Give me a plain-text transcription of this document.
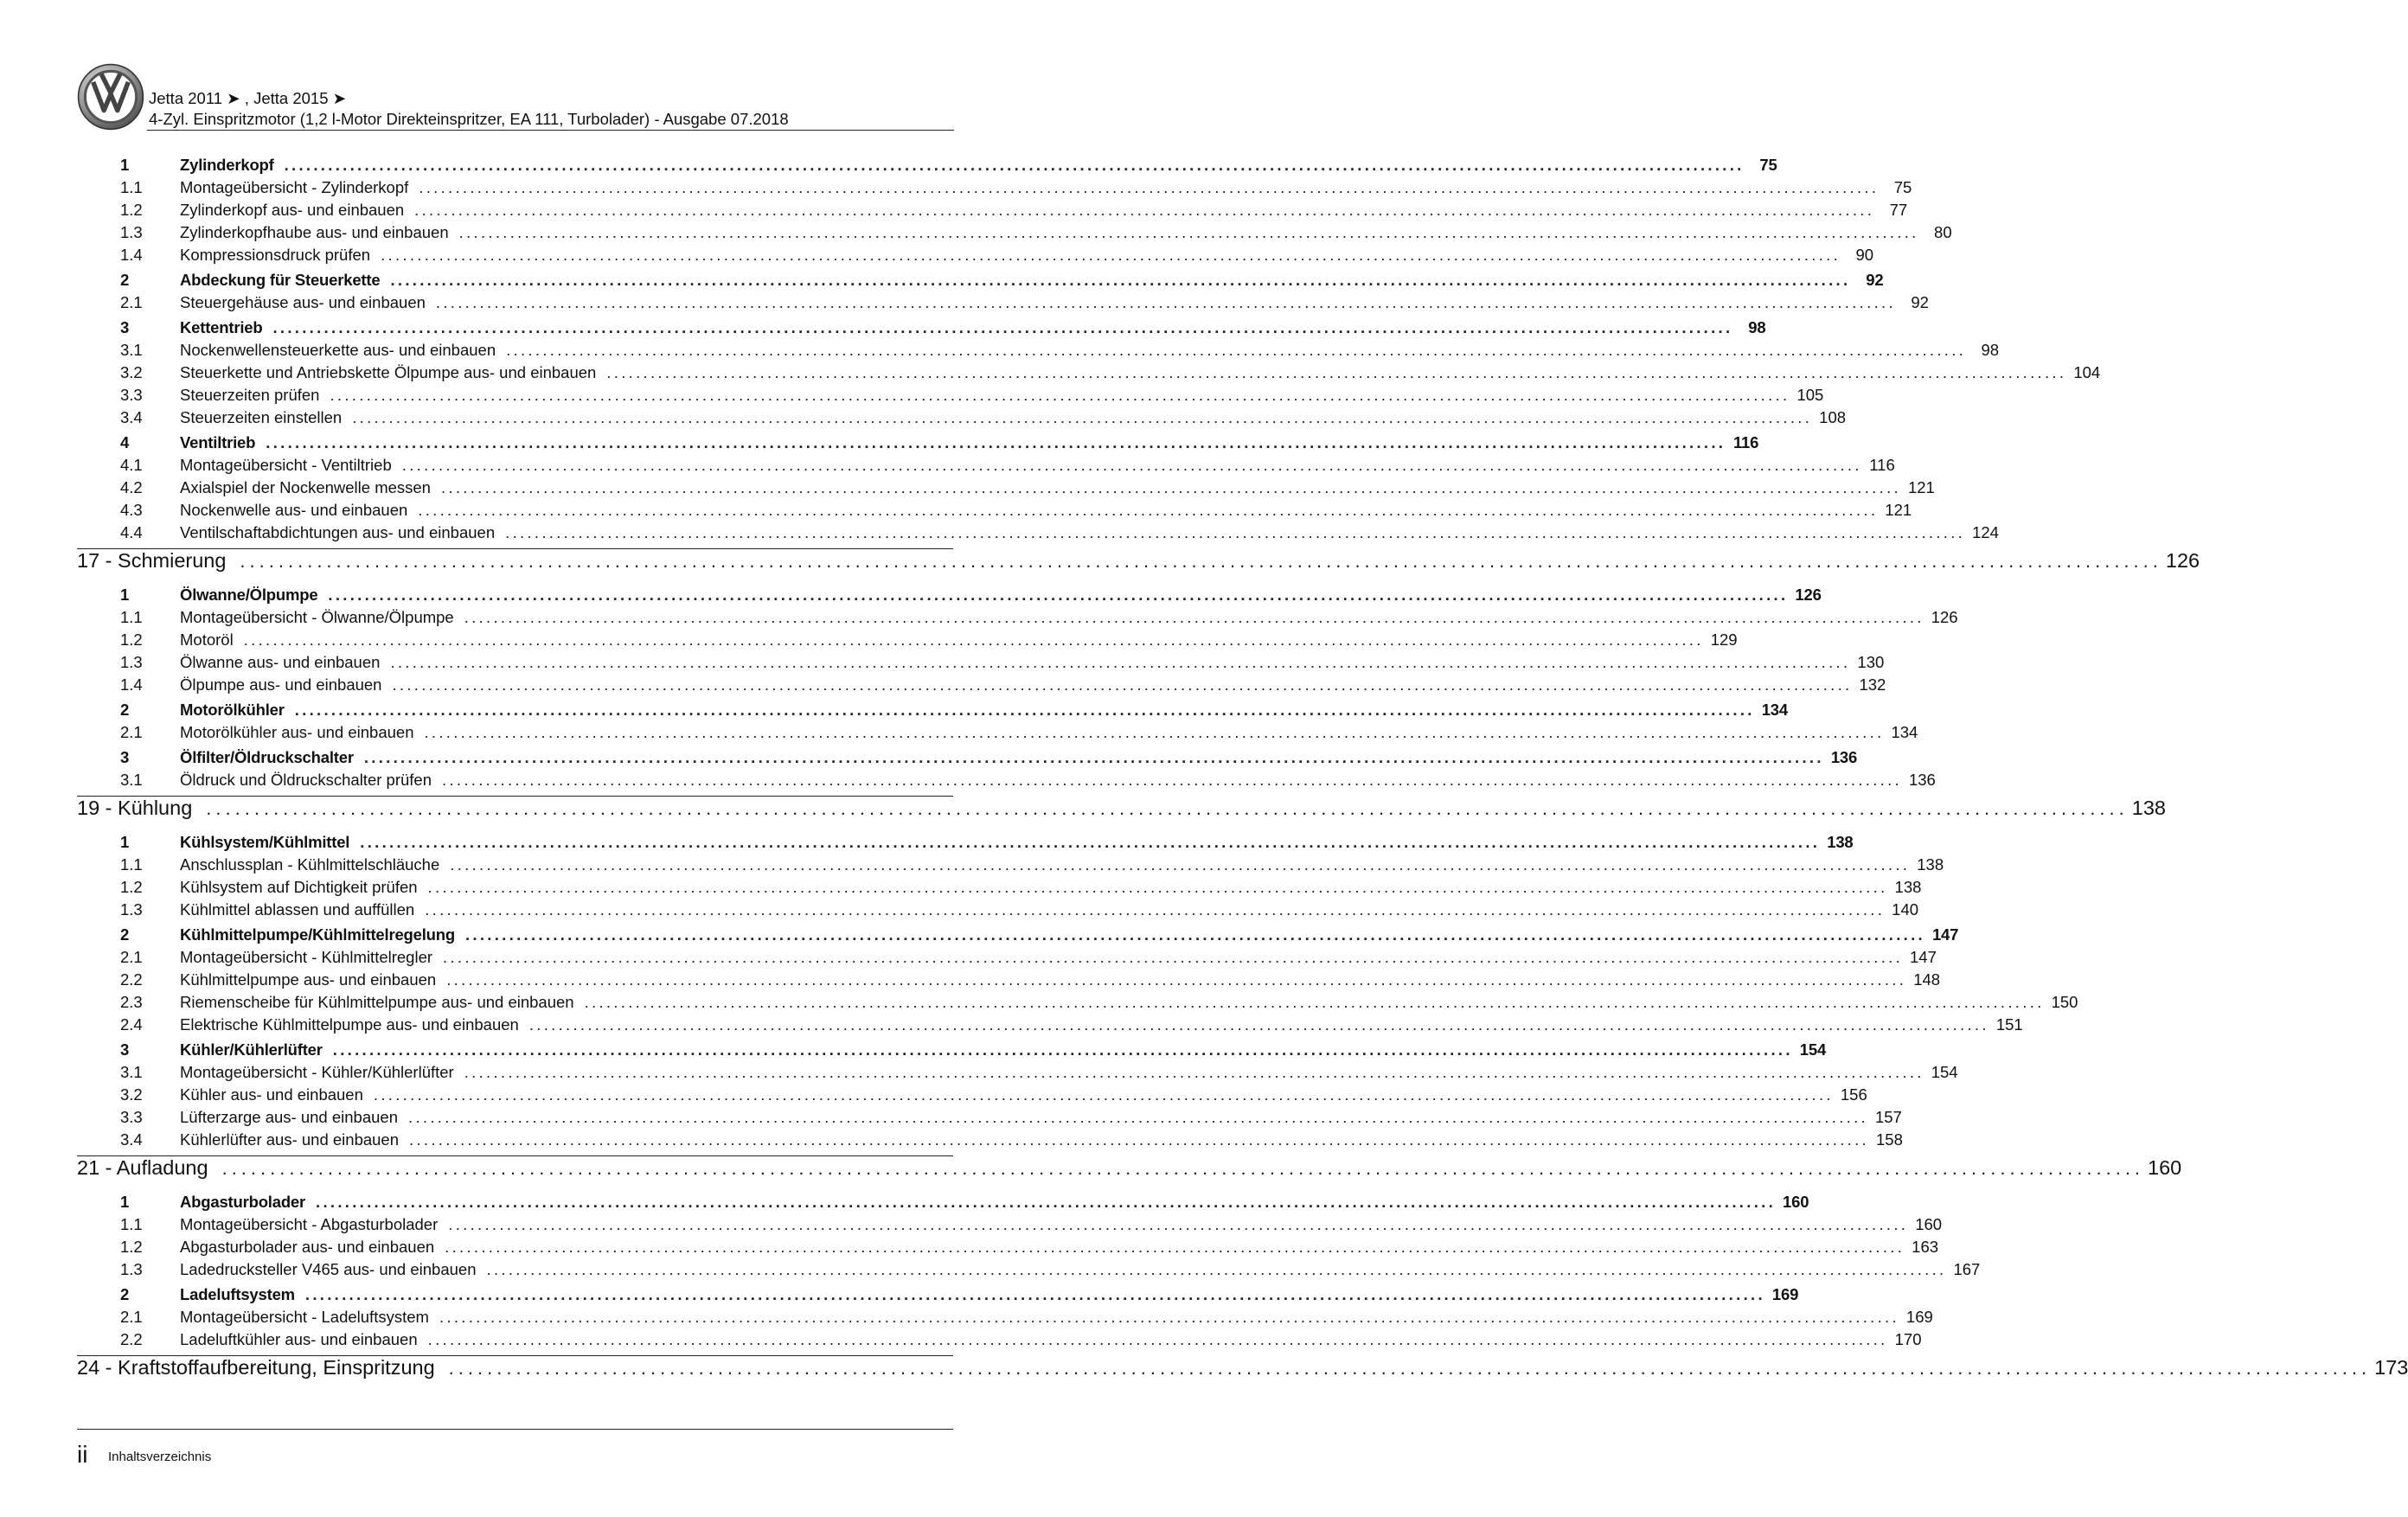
Jetta 2011 ➤ , Jetta 2015 ➤
4-Zyl. Einspritzmotor (1,2 l-Motor Direkteinspritzer, EA 111, Turbolader) - Ausgabe 07.2018
1	Zylinderkopf ........................................................................................................................................................................................................ 75
1.1	Montageübersicht - Zylinderkopf ........................................................................................................................................................................................................ 75
1.2	Zylinderkopf aus- und einbauen ........................................................................................................................................................................................................ 77
1.3	Zylinderkopfhaube aus- und einbauen ........................................................................................................................................................................................................ 80
1.4	Kompressionsdruck prüfen ........................................................................................................................................................................................................ 90
2	Abdeckung für Steuerkette ........................................................................................................................................................................................................ 92
2.1	Steuergehäuse aus- und einbauen ........................................................................................................................................................................................................ 92
3	Kettentrieb ........................................................................................................................................................................................................ 98
3.1	Nockenwellensteuerkette aus- und einbauen ........................................................................................................................................................................................................ 98
3.2	Steuerkette und Antriebskette Ölpumpe aus- und einbauen ........................................................................................................................................................................................................ 104
3.3	Steuerzeiten prüfen ........................................................................................................................................................................................................ 105
3.4	Steuerzeiten einstellen ........................................................................................................................................................................................................ 108
4	Ventiltrieb ........................................................................................................................................................................................................ 116
4.1	Montageübersicht - Ventiltrieb ........................................................................................................................................................................................................ 116
4.2	Axialspiel der Nockenwelle messen ........................................................................................................................................................................................................ 121
4.3	Nockenwelle aus- und einbauen ........................................................................................................................................................................................................ 121
4.4	Ventilschaftabdichtungen aus- und einbauen ........................................................................................................................................................................................................ 124
17 - Schmierung ........................................................................................................................................................................................................ 126
1	Ölwanne/Ölpumpe ........................................................................................................................................................................................................ 126
1.1	Montageübersicht - Ölwanne/Ölpumpe ........................................................................................................................................................................................................ 126
1.2	Motoröl ........................................................................................................................................................................................................ 129
1.3	Ölwanne aus- und einbauen ........................................................................................................................................................................................................ 130
1.4	Ölpumpe aus- und einbauen ........................................................................................................................................................................................................ 132
2	Motorölkühler ........................................................................................................................................................................................................ 134
2.1	Motorölkühler aus- und einbauen ........................................................................................................................................................................................................ 134
3	Ölfilter/Öldruckschalter ........................................................................................................................................................................................................ 136
3.1	Öldruck und Öldruckschalter prüfen ........................................................................................................................................................................................................ 136
19 - Kühlung ........................................................................................................................................................................................................ 138
1	Kühlsystem/Kühlmittel ........................................................................................................................................................................................................ 138
1.1	Anschlussplan - Kühlmittelschläuche ........................................................................................................................................................................................................ 138
1.2	Kühlsystem auf Dichtigkeit prüfen ........................................................................................................................................................................................................ 138
1.3	Kühlmittel ablassen und auffüllen ........................................................................................................................................................................................................ 140
2	Kühlmittelpumpe/Kühlmittelregelung ........................................................................................................................................................................................................ 147
2.1	Montageübersicht - Kühlmittelregler ........................................................................................................................................................................................................ 147
2.2	Kühlmittelpumpe aus- und einbauen ........................................................................................................................................................................................................ 148
2.3	Riemenscheibe für Kühlmittelpumpe aus- und einbauen ........................................................................................................................................................................................................ 150
2.4	Elektrische Kühlmittelpumpe aus- und einbauen ........................................................................................................................................................................................................ 151
3	Kühler/Kühlerlüfter ........................................................................................................................................................................................................ 154
3.1	Montageübersicht - Kühler/Kühlerlüfter ........................................................................................................................................................................................................ 154
3.2	Kühler aus- und einbauen ........................................................................................................................................................................................................ 156
3.3	Lüfterzarge aus- und einbauen ........................................................................................................................................................................................................ 157
3.4	Kühlerlüfter aus- und einbauen ........................................................................................................................................................................................................ 158
21 - Aufladung ........................................................................................................................................................................................................ 160
1	Abgasturbolader ........................................................................................................................................................................................................ 160
1.1	Montageübersicht - Abgasturbolader ........................................................................................................................................................................................................ 160
1.2	Abgasturbolader aus- und einbauen ........................................................................................................................................................................................................ 163
1.3	Ladedrucksteller V465 aus- und einbauen ........................................................................................................................................................................................................ 167
2	Ladeluftsystem ........................................................................................................................................................................................................ 169
2.1	Montageübersicht - Ladeluftsystem ........................................................................................................................................................................................................ 169
2.2	Ladeluftkühler aus- und einbauen ........................................................................................................................................................................................................ 170
24 - Kraftstoffaufbereitung, Einspritzung ........................................................................................................................................................................................................ 173
ii Inhaltsverzeichnis
